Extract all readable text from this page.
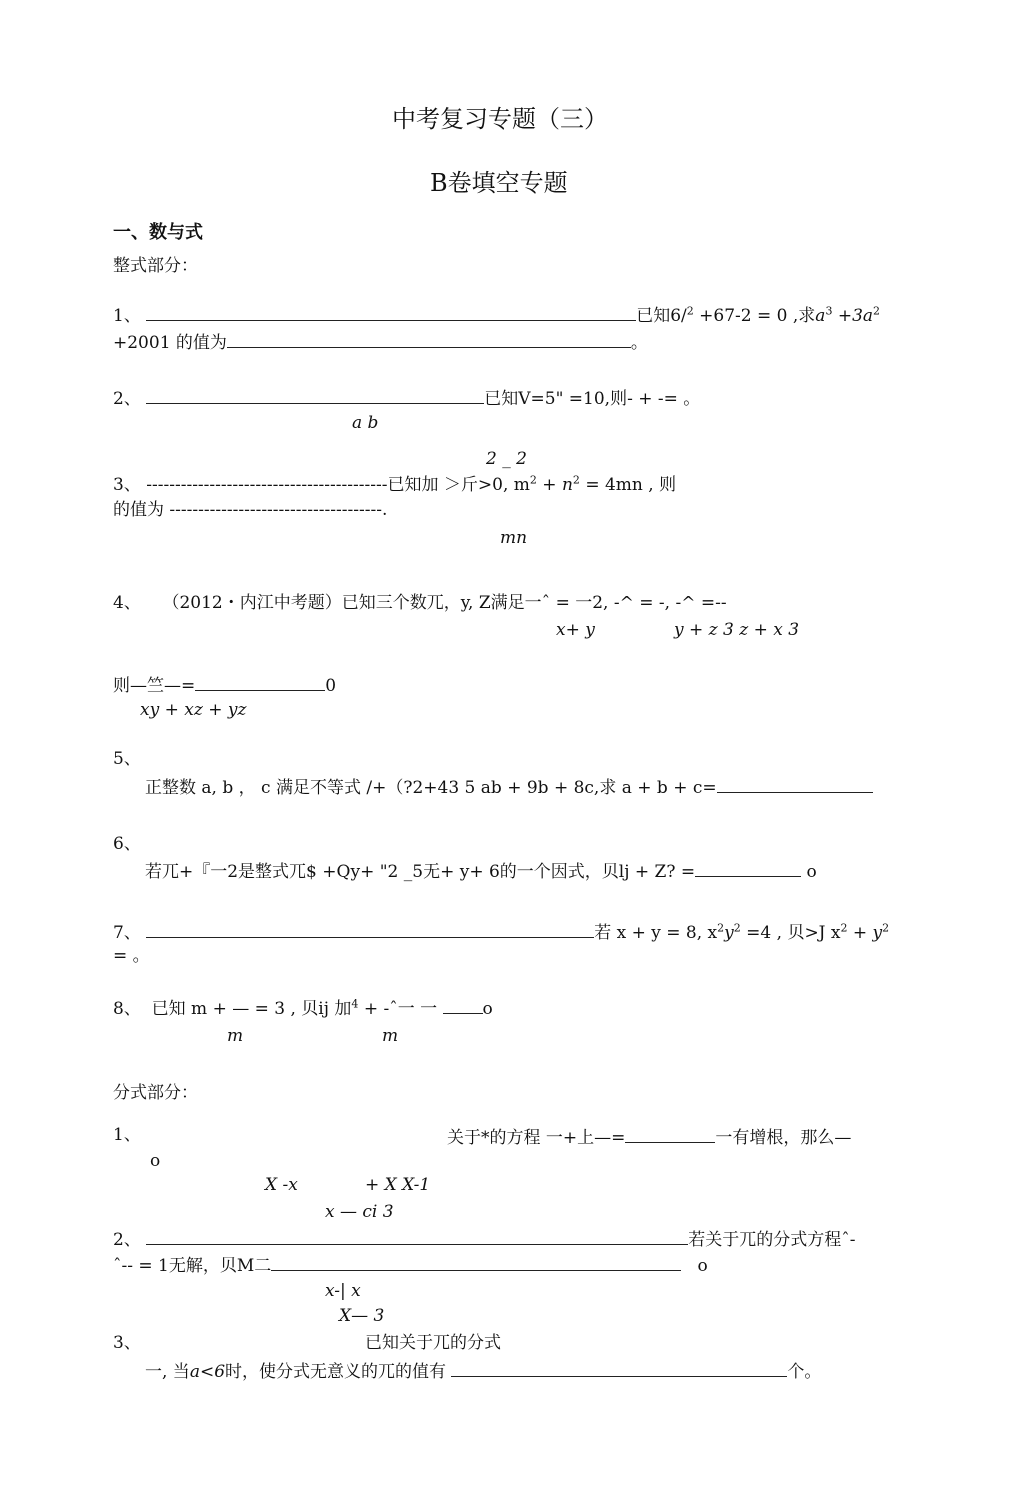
中考复习专题（三）
B卷填空专题
一、数与式
整式部分：
1、	已知6/$^2$ +67-2 = 0 ,求$a^3 +3a^2$
+2001 的值为	。
2、	已知V=5" =10,则- + -= 。
a b
2 _ 2
3、 ------------------------------------------已知加 ＞斤>0, $m^2 + n^2 = 4mn$ , 则
的值为 -------------------------------------.
mn
4、 （2012・内江中考题）已知三个数兀，y, Z满足一ˆ = 一2, -^ = -, -^ =--
x+ y	y + z 3 z + x 3
则—竺—=	0
xy + xz + yz
5、
正整数 a, b ， c 满足不等式 /+（?2+43 5 ab + 9b + 8c,求 a + b + c=
6、
若兀+『一2是整式兀$ +Qy+ "2 _5无+ y+ 6的一个因式，贝lj + Z? =	o
7、	若 x + y = 8, $x^2y^2 =4$ , 贝>J $x^2 + y^2$
= 。
8、 已知 m + — = 3 , 贝ij 加$^4$ + -ˆ一 一	o
m	m
分式部分：
1、	关于*的方程 一+上—=	一有增根，那么—
o
X -x	+ X X-1
x — ci 3
2、	若关于兀的分式方程ˆ-
ˆ-- = 1无解，贝M二	o
x-| x
X— 3
3、	已知关于兀的分式
一, 当a<6时，使分式无意义的兀的值有	个。
